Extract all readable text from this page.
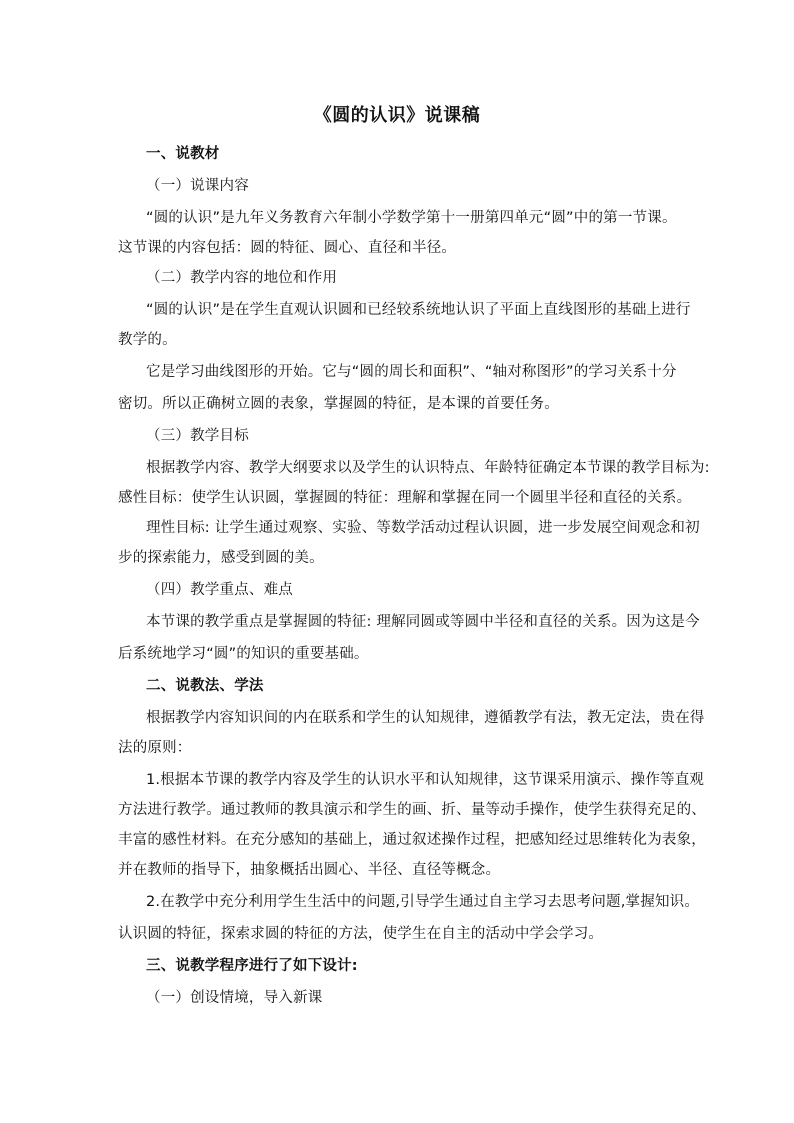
《圆的认识》说课稿
一、说教材
（一）说课内容
“圆的认识”是九年义务教育六年制小学数学第十一册第四单元“圆”中的第一节课。
这节课的内容包括：圆的特征、圆心、直径和半径。
（二）教学内容的地位和作用
“圆的认识”是在学生直观认识圆和已经较系统地认识了平面上直线图形的基础上进行
教学的。
它是学习曲线图形的开始。它与“圆的周长和面积”、“轴对称图形”的学习关系十分
密切。所以正确树立圆的表象，掌握圆的特征，是本课的首要任务。
（三）教学目标
根据教学内容、教学大纲要求以及学生的认识特点、年龄特征确定本节课的教学目标为:
感性目标：使学生认识圆，掌握圆的特征：理解和掌握在同一个圆里半径和直径的关系。
理性目标: 让学生通过观察、实验、等数学活动过程认识圆，进一步发展空间观念和初
步的探索能力，感受到圆的美。
（四）教学重点、难点
本节课的教学重点是掌握圆的特征: 理解同圆或等圆中半径和直径的关系。因为这是今
后系统地学习“圆”的知识的重要基础。
二、说教法、学法
根据教学内容知识间的内在联系和学生的认知规律，遵循教学有法，教无定法，贵在得
法的原则：
1.根据本节课的教学内容及学生的认识水平和认知规律，这节课采用演示、操作等直观
方法进行教学。通过教师的教具演示和学生的画、折、量等动手操作，使学生获得充足的、
丰富的感性材料。在充分感知的基础上，通过叙述操作过程，把感知经过思维转化为表象，
并在教师的指导下，抽象概括出圆心、半径、直径等概念。
2.在教学中充分利用学生生活中的问题,引导学生通过自主学习去思考问题,掌握知识。
认识圆的特征，探索求圆的特征的方法，使学生在自主的活动中学会学习。
三、说教学程序进行了如下设计:
（一）创设情境，导入新课
